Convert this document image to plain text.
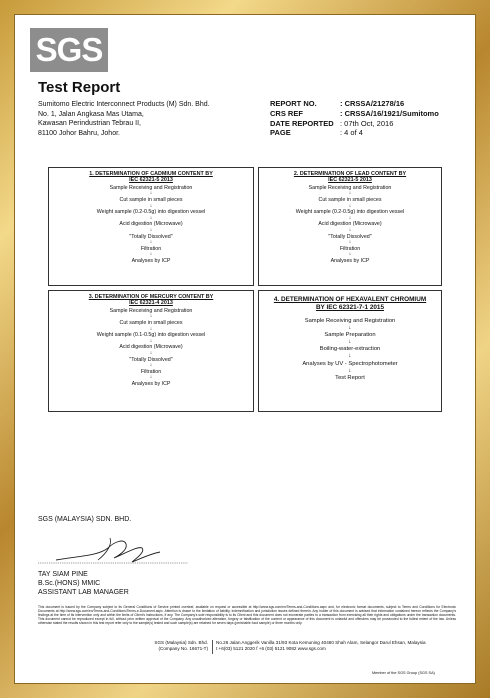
SGS
Test Report
Sumitomo Electric Interconnect Products (M) Sdn. Bhd.
No. 1, Jalan Angkasa Mas Utama,
Kawasan Perindustrian Tebrau II,
81100 Johor Bahru, Johor.
REPORT NO.	: CRSSA/21278/16
CRS REF	: CRSSA/16/1921/Sumitomo
DATE REPORTED : 07th Oct, 2016
PAGE	: 4 of 4
1. DETERMINATION OF CADMIUM CONTENT BY
IEC 62321-5 2013
Sample Receiving and Registration
↓
Cut sample in small pieces
↓
Weight sample (0.2-0.5g) into digestion vessel
↓
Acid digestion (Microwave)
↓
"Totally Dissolved"
↓
Filtration
↓
Analyses by ICP
2. DETERMINATION OF LEAD CONTENT BY
IEC 62321-5 2013
Sample Receiving and Registration
↓
Cut sample in small pieces
↓
Weight sample (0.2-0.5g) into digestion vessel
↓
Acid digestion (Microwave)
↓
"Totally Dissolved"
↓
Filtration
↓
Analyses by ICP
3. DETERMINATION OF MERCURY CONTENT BY
IEC 62321-4 2013
Sample Receiving and Registration
↓
Cut sample in small pieces
↓
Weight sample (0.1-0.5g) into digestion vessel
↓
Acid digestion (Microwave)
↓
"Totally Dissolved"
↓
Filtration
↓
Analyses by ICP
4. DETERMINATION OF HEXAVALENT CHROMIUM
BY IEC 62321-7-1 2015
Sample Receiving and Registration
↓
Sample Preparation
↓
Boiling-water-extraction
↓
Analyses by UV - Spectrophotometer
↓
Test Report
SGS (MALAYSIA) SDN. BHD.
TAY SIAM PINE
B.Sc.(HONS) MMIC
ASSISTANT LAB MANAGER
This document is issued by the Company subject to its General Conditions of Service printed overleaf, available on request or accessible at http://www.sgs.com/en/Terms-and-Conditions.aspx and, for electronic format documents, subject to Terms and Conditions for Electronic Documents at http://www.sgs.com/en/Terms-and-Conditions/Terms-e-Document.aspx. Attention is drawn to the limitation of liability, indemnification and jurisdiction issues defined therein. Any holder of this document is advised that information contained hereon reflects the Company's findings at the time of its intervention only and within the limits of Client's instructions, if any. The Company's sole responsibility is to its Client and this document does not exonerate parties to a transaction from exercising all their rights and obligations under the transaction documents. This document cannot be reproduced except in full, without prior written approval of the Company. Any unauthorized alteration, forgery or falsification of the content or appearance of this document is unlawful and offenders may be prosecuted to the fullest extent of the law. Unless otherwise stated the results shown in this test report refer only to the sample(s) tested and such sample(s) are retained for seven days (perishable food sample) or three months only.
SGS (Malaysia) Sdn. Bhd.
(Company No. 16671-T)
No.26 Jalan Anggerik Vanilla 31/93 Kota Kemuning 40460 Shah Alam, Selangor Darul Ehsan, Malaysia
t +6(03) 5121 2020 f +6 (03) 5121 9082 www.sgs.com
Member of the SGS Group (SGS SA)
